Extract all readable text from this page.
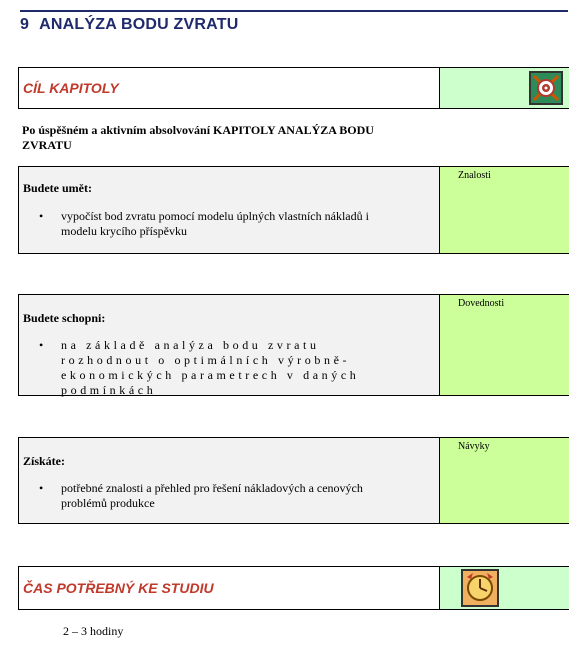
9 ANALÝZA BODU ZVRATU
CÍL KAPITOLY
Po úspěšném a aktivním absolvování KAPITOLY ANALÝZA BODU ZVRATU
Budete umět:
• vypočíst bod zvratu pomocí modelu úplných vlastních nákladů i modelu krycího příspěvku
Znalosti
Budete schopni:
• na základě analýza bodu zvratu rozhodnout o optimálních výrobně-ekonomických parametrech v daných podmínkách
Dovednosti
Získáte:
• potřebné znalosti a přehled pro řešení nákladových a cenových problémů produkce
Návyky
ČAS POTŘEBNÝ KE STUDIU
2 – 3 hodiny
